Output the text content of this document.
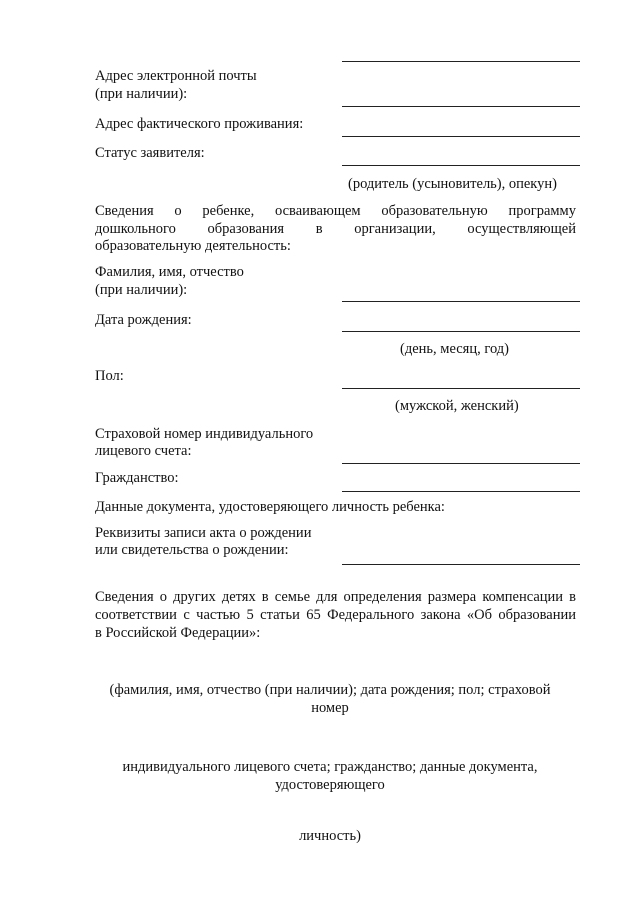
Адрес электронной почты
(при наличии):
Адрес фактического проживания:
Статус заявителя:
(родитель (усыновитель), опекун)
Сведения о ребенке, осваивающем образовательную программу
дошкольного образования в организации, осуществляющей
образовательную деятельность:
Фамилия, имя, отчество
(при наличии):
Дата рождения:
(день, месяц, год)
Пол:
(мужской, женский)
Страховой номер индивидуального
лицевого счета:
Гражданство:
Данные документа, удостоверяющего личность ребенка:
Реквизиты записи акта о рождении
или свидетельства о рождении:
Сведения о других детях в семье для определения размера компенсации в
соответствии с частью 5 статьи 65 Федерального закона «Об образовании
в Российской Федерации»:
(фамилия, имя, отчество (при наличии); дата рождения; пол; страховой
номер
индивидуального лицевого счета; гражданство; данные документа,
удостоверяющего
личность)
